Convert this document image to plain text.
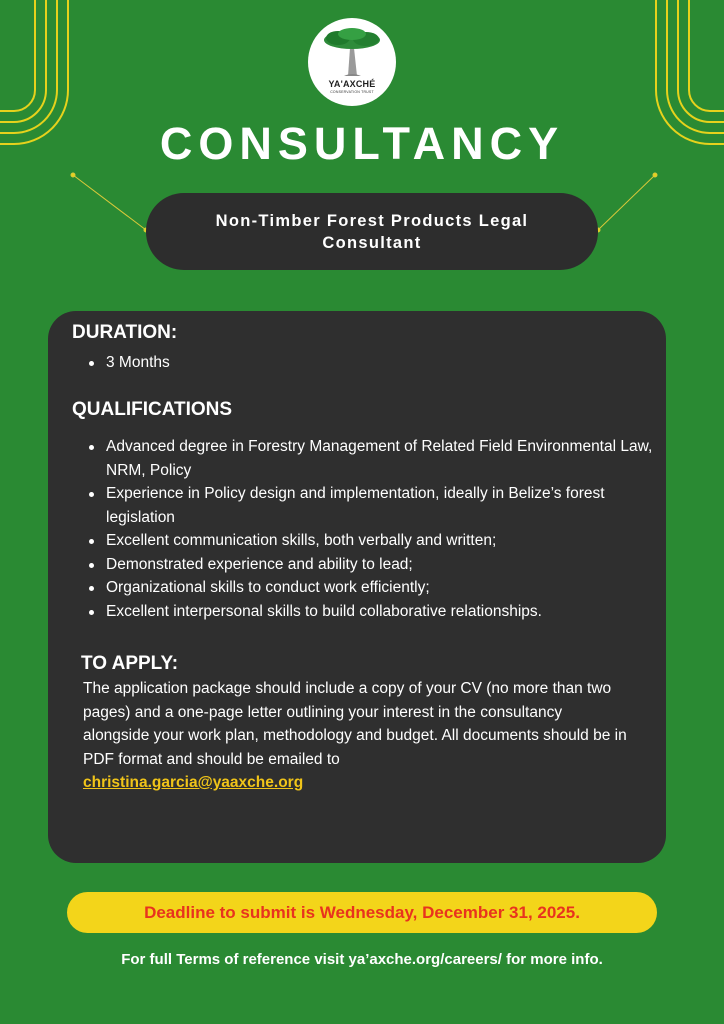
YA'AXCHÉ
CONSERVATION TRUST
CONSULTANCY
Non-Timber Forest Products Legal Consultant
DURATION:
3 Months
QUALIFICATIONS
Advanced degree in Forestry Management of Related Field Environmental Law, NRM, Policy
Experience in Policy design and implementation, ideally in Belize’s forest legislation
Excellent communication skills, both verbally and written;
Demonstrated experience and ability to lead;
Organizational skills to conduct work efficiently;
Excellent interpersonal skills to build collaborative relationships.
TO APPLY:
The application package should include a copy of your CV (no more than two pages) and a one-page letter outlining your interest in the consultancy alongside your work plan, methodology and budget. All documents should be in PDF format and should be emailed to
christina.garcia@yaaxche.org
Deadline to submit is Wednesday, December 31, 2025.
For full Terms of reference visit ya’axche.org/careers/ for more info.
